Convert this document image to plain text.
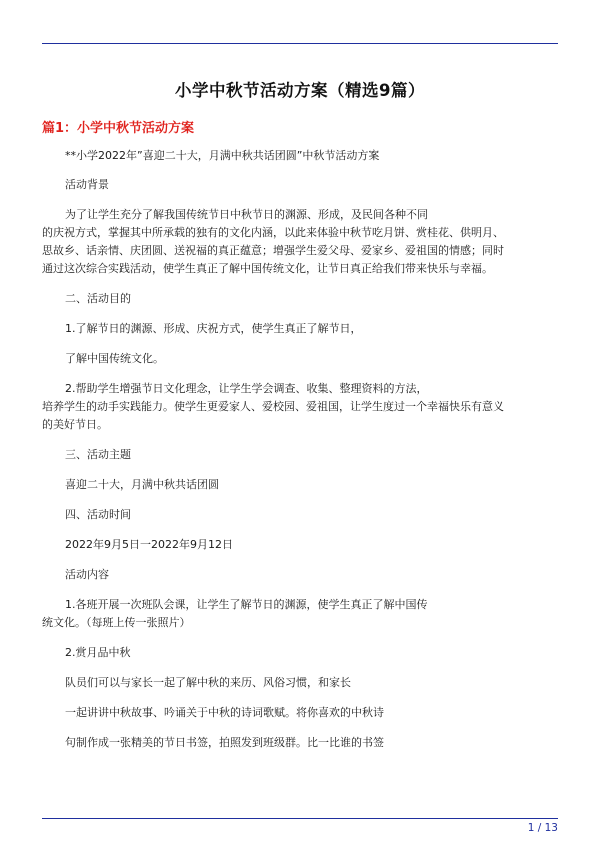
小学中秋节活动方案（精选9篇）
篇1：小学中秋节活动方案
**小学2022年”喜迎二十大，月满中秋共话团圆”中秋节活动方案
活动背景
为了让学生充分了解我国传统节日中秋节日的渊源、形成，及民间各种不同
的庆祝方式，掌握其中所承载的独有的文化内涵，以此来体验中秋节吃月饼、赏桂花、供明月、
思故乡、话亲情、庆团圆、送祝福的真正蕴意；增强学生爱父母、爱家乡、爱祖国的情感；同时
通过这次综合实践活动，使学生真正了解中国传统文化，让节日真正给我们带来快乐与幸福。
二、活动目的
1.了解节日的渊源、形成、庆祝方式，使学生真正了解节日，
了解中国传统文化。
2.帮助学生增强节日文化理念，让学生学会调查、收集、整理资料的方法，
培养学生的动手实践能力。使学生更爱家人、爱校园、爱祖国，让学生度过一个幸福快乐有意义
的美好节日。
三、活动主题
喜迎二十大，月满中秋共话团圆
四、活动时间
2022年9月5日一2022年9月12日
活动内容
1.各班开展一次班队会课，让学生了解节日的渊源，使学生真正了解中国传
统文化。（每班上传一张照片）
2.赏月品中秋
队员们可以与家长一起了解中秋的来历、风俗习惯，和家长
一起讲讲中秋故事、吟诵关于中秋的诗词歌赋。将你喜欢的中秋诗
句制作成一张精美的节日书签，拍照发到班级群。比一比谁的书签
1 / 13
